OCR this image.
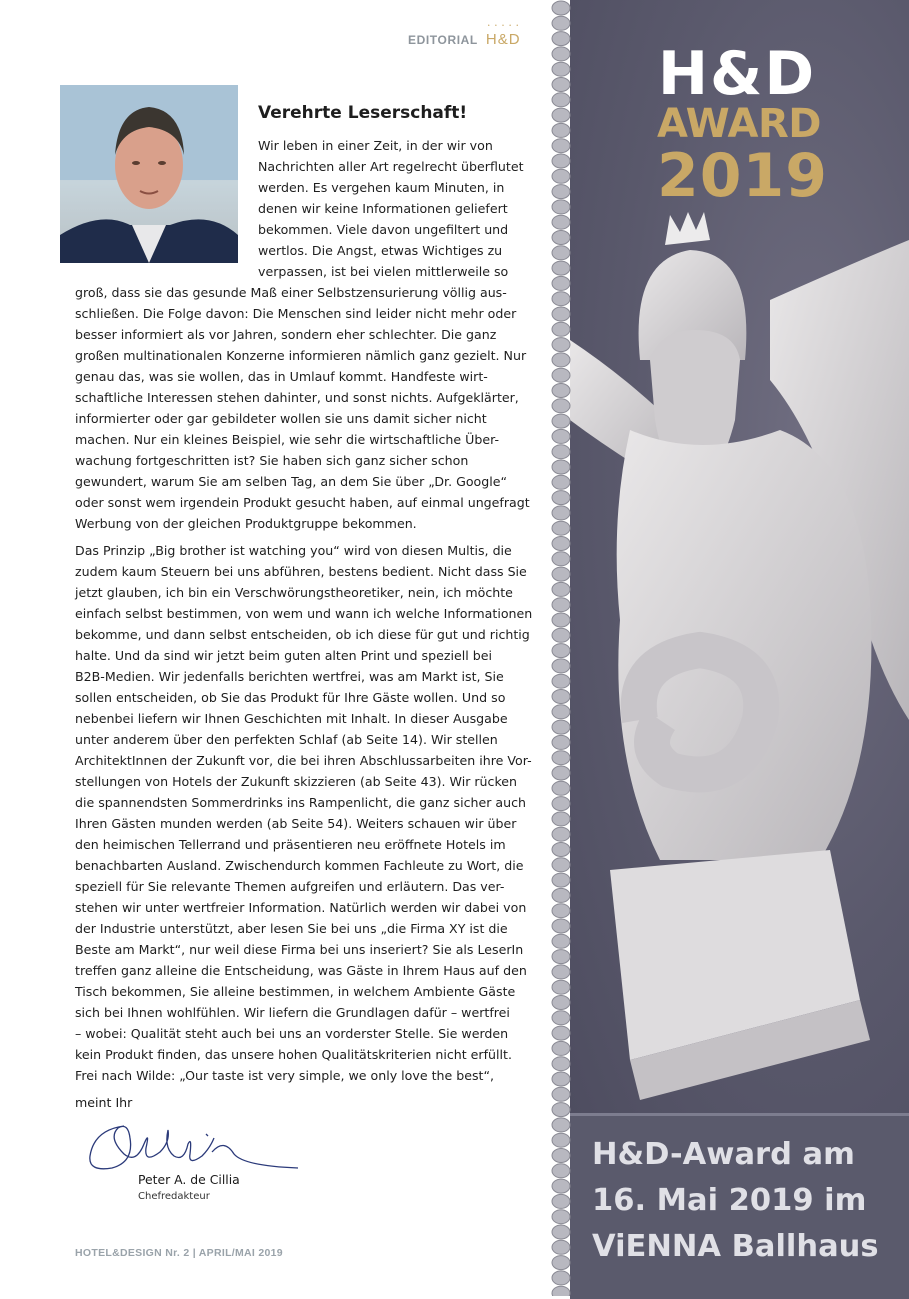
EDITORIAL
• • • • •
H&D
Verehrte Leserschaft!
Wir leben in einer Zeit, in der wir von
Nachrichten aller Art regelrecht überflutet
werden. Es vergehen kaum Minuten, in
denen wir keine Informationen geliefert
bekommen. Viele davon ungefiltert und
wertlos. Die Angst, etwas Wichtiges zu
verpassen, ist bei vielen mittlerweile so
groß, dass sie das gesunde Maß einer Selbstzensurierung völlig aus-
schließen. Die Folge davon: Die Menschen sind leider nicht mehr oder
besser informiert als vor Jahren, sondern eher schlechter. Die ganz
großen multinationalen Konzerne informieren nämlich ganz gezielt. Nur
genau das, was sie wollen, das in Umlauf kommt. Handfeste wirt-
schaftliche Interessen stehen dahinter, und sonst nichts. Aufgeklärter,
informierter oder gar gebildeter wollen sie uns damit sicher nicht
machen. Nur ein kleines Beispiel, wie sehr die wirtschaftliche Über-
wachung fortgeschritten ist? Sie haben sich ganz sicher schon
gewundert, warum Sie am selben Tag, an dem Sie über „Dr. Google“
oder sonst wem irgendein Produkt gesucht haben, auf einmal ungefragt
Werbung von der gleichen Produktgruppe bekommen.
Das Prinzip „Big brother ist watching you“ wird von diesen Multis, die
zudem kaum Steuern bei uns abführen, bestens bedient. Nicht dass Sie
jetzt glauben, ich bin ein Verschwörungstheoretiker, nein, ich möchte
einfach selbst bestimmen, von wem und wann ich welche Informationen
bekomme, und dann selbst entscheiden, ob ich diese für gut und richtig
halte. Und da sind wir jetzt beim guten alten Print und speziell bei
B2B-Medien. Wir jedenfalls berichten wertfrei, was am Markt ist, Sie
sollen entscheiden, ob Sie das Produkt für Ihre Gäste wollen. Und so
nebenbei liefern wir Ihnen Geschichten mit Inhalt. In dieser Ausgabe
unter anderem über den perfekten Schlaf (ab Seite 14). Wir stellen
ArchitektInnen der Zukunft vor, die bei ihren Abschlussarbeiten ihre Vor-
stellungen von Hotels der Zukunft skizzieren (ab Seite 43). Wir rücken
die spannendsten Sommerdrinks ins Rampenlicht, die ganz sicher auch
Ihren Gästen munden werden (ab Seite 54). Weiters schauen wir über
den heimischen Tellerrand und präsentieren neu eröffnete Hotels im
benachbarten Ausland. Zwischendurch kommen Fachleute zu Wort, die
speziell für Sie relevante Themen aufgreifen und erläutern. Das ver-
stehen wir unter wertfreier Information. Natürlich werden wir dabei von
der Industrie unterstützt, aber lesen Sie bei uns „die Firma XY ist die
Beste am Markt“, nur weil diese Firma bei uns inseriert? Sie als LeserIn
treffen ganz alleine die Entscheidung, was Gäste in Ihrem Haus auf den
Tisch bekommen, Sie alleine bestimmen, in welchem Ambiente Gäste
sich bei Ihnen wohlfühlen. Wir liefern die Grundlagen dafür – wertfrei
– wobei: Qualität steht auch bei uns an vorderster Stelle. Sie werden
kein Produkt finden, das unsere hohen Qualitätskriterien nicht erfüllt.
Frei nach Wilde: „Our taste ist very simple, we only love the best“,
meint Ihr
Peter A. de Cillia
Chefredakteur
HOTEL&DESIGN Nr. 2 | APRIL/MAI 2019
H&D
AWARD
2019
H&D-Award am
16. Mai 2019 im
ViENNA Ballhaus
